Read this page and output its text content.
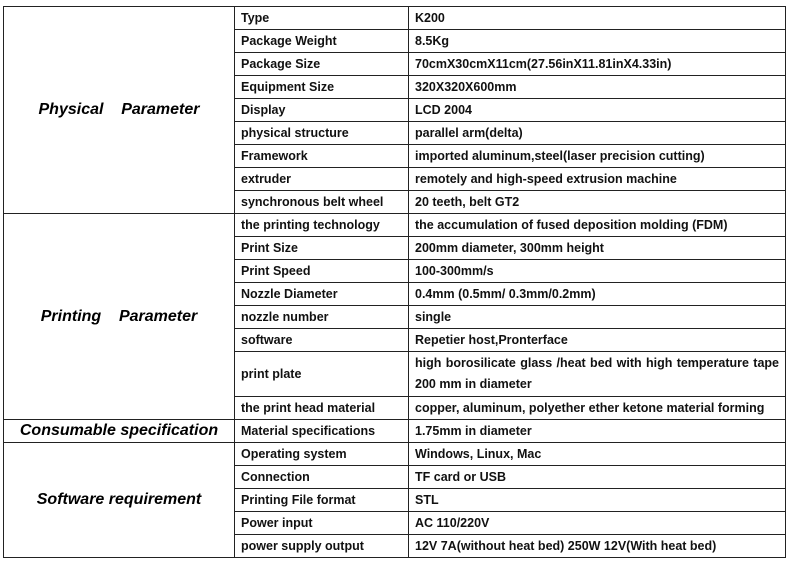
Physical    Parameter	Type	K200
	Package Weight	8.5Kg
	Package Size	70cmX30cmX11cm(27.56inX11.81inX4.33in)
	Equipment Size	320X320X600mm
	Display	LCD 2004
	physical structure	parallel arm(delta)
	Framework	imported aluminum,steel(laser precision cutting)
	extruder	remotely and high-speed extrusion machine
	synchronous belt wheel	20 teeth, belt GT2
Printing    Parameter	the printing technology	the accumulation of fused deposition molding (FDM)
	Print Size	200mm diameter, 300mm height
	Print Speed	100-300mm/s
	Nozzle Diameter	0.4mm (0.5mm/ 0.3mm/0.2mm)
	nozzle number	single
	software	Repetier host,Pronterface
	print plate	high borosilicate glass /heat bed with high temperature tape 200 mm in diameter
	the print head material	copper, aluminum, polyether ether ketone material forming
Consumable specification	Material specifications	1.75mm in diameter
Software requirement	Operating system	Windows, Linux, Mac
	Connection	TF card or USB
	Printing File format	STL
	Power input	AC 110/220V
	power supply output	12V 7A(without heat bed) 250W 12V(With heat bed)
